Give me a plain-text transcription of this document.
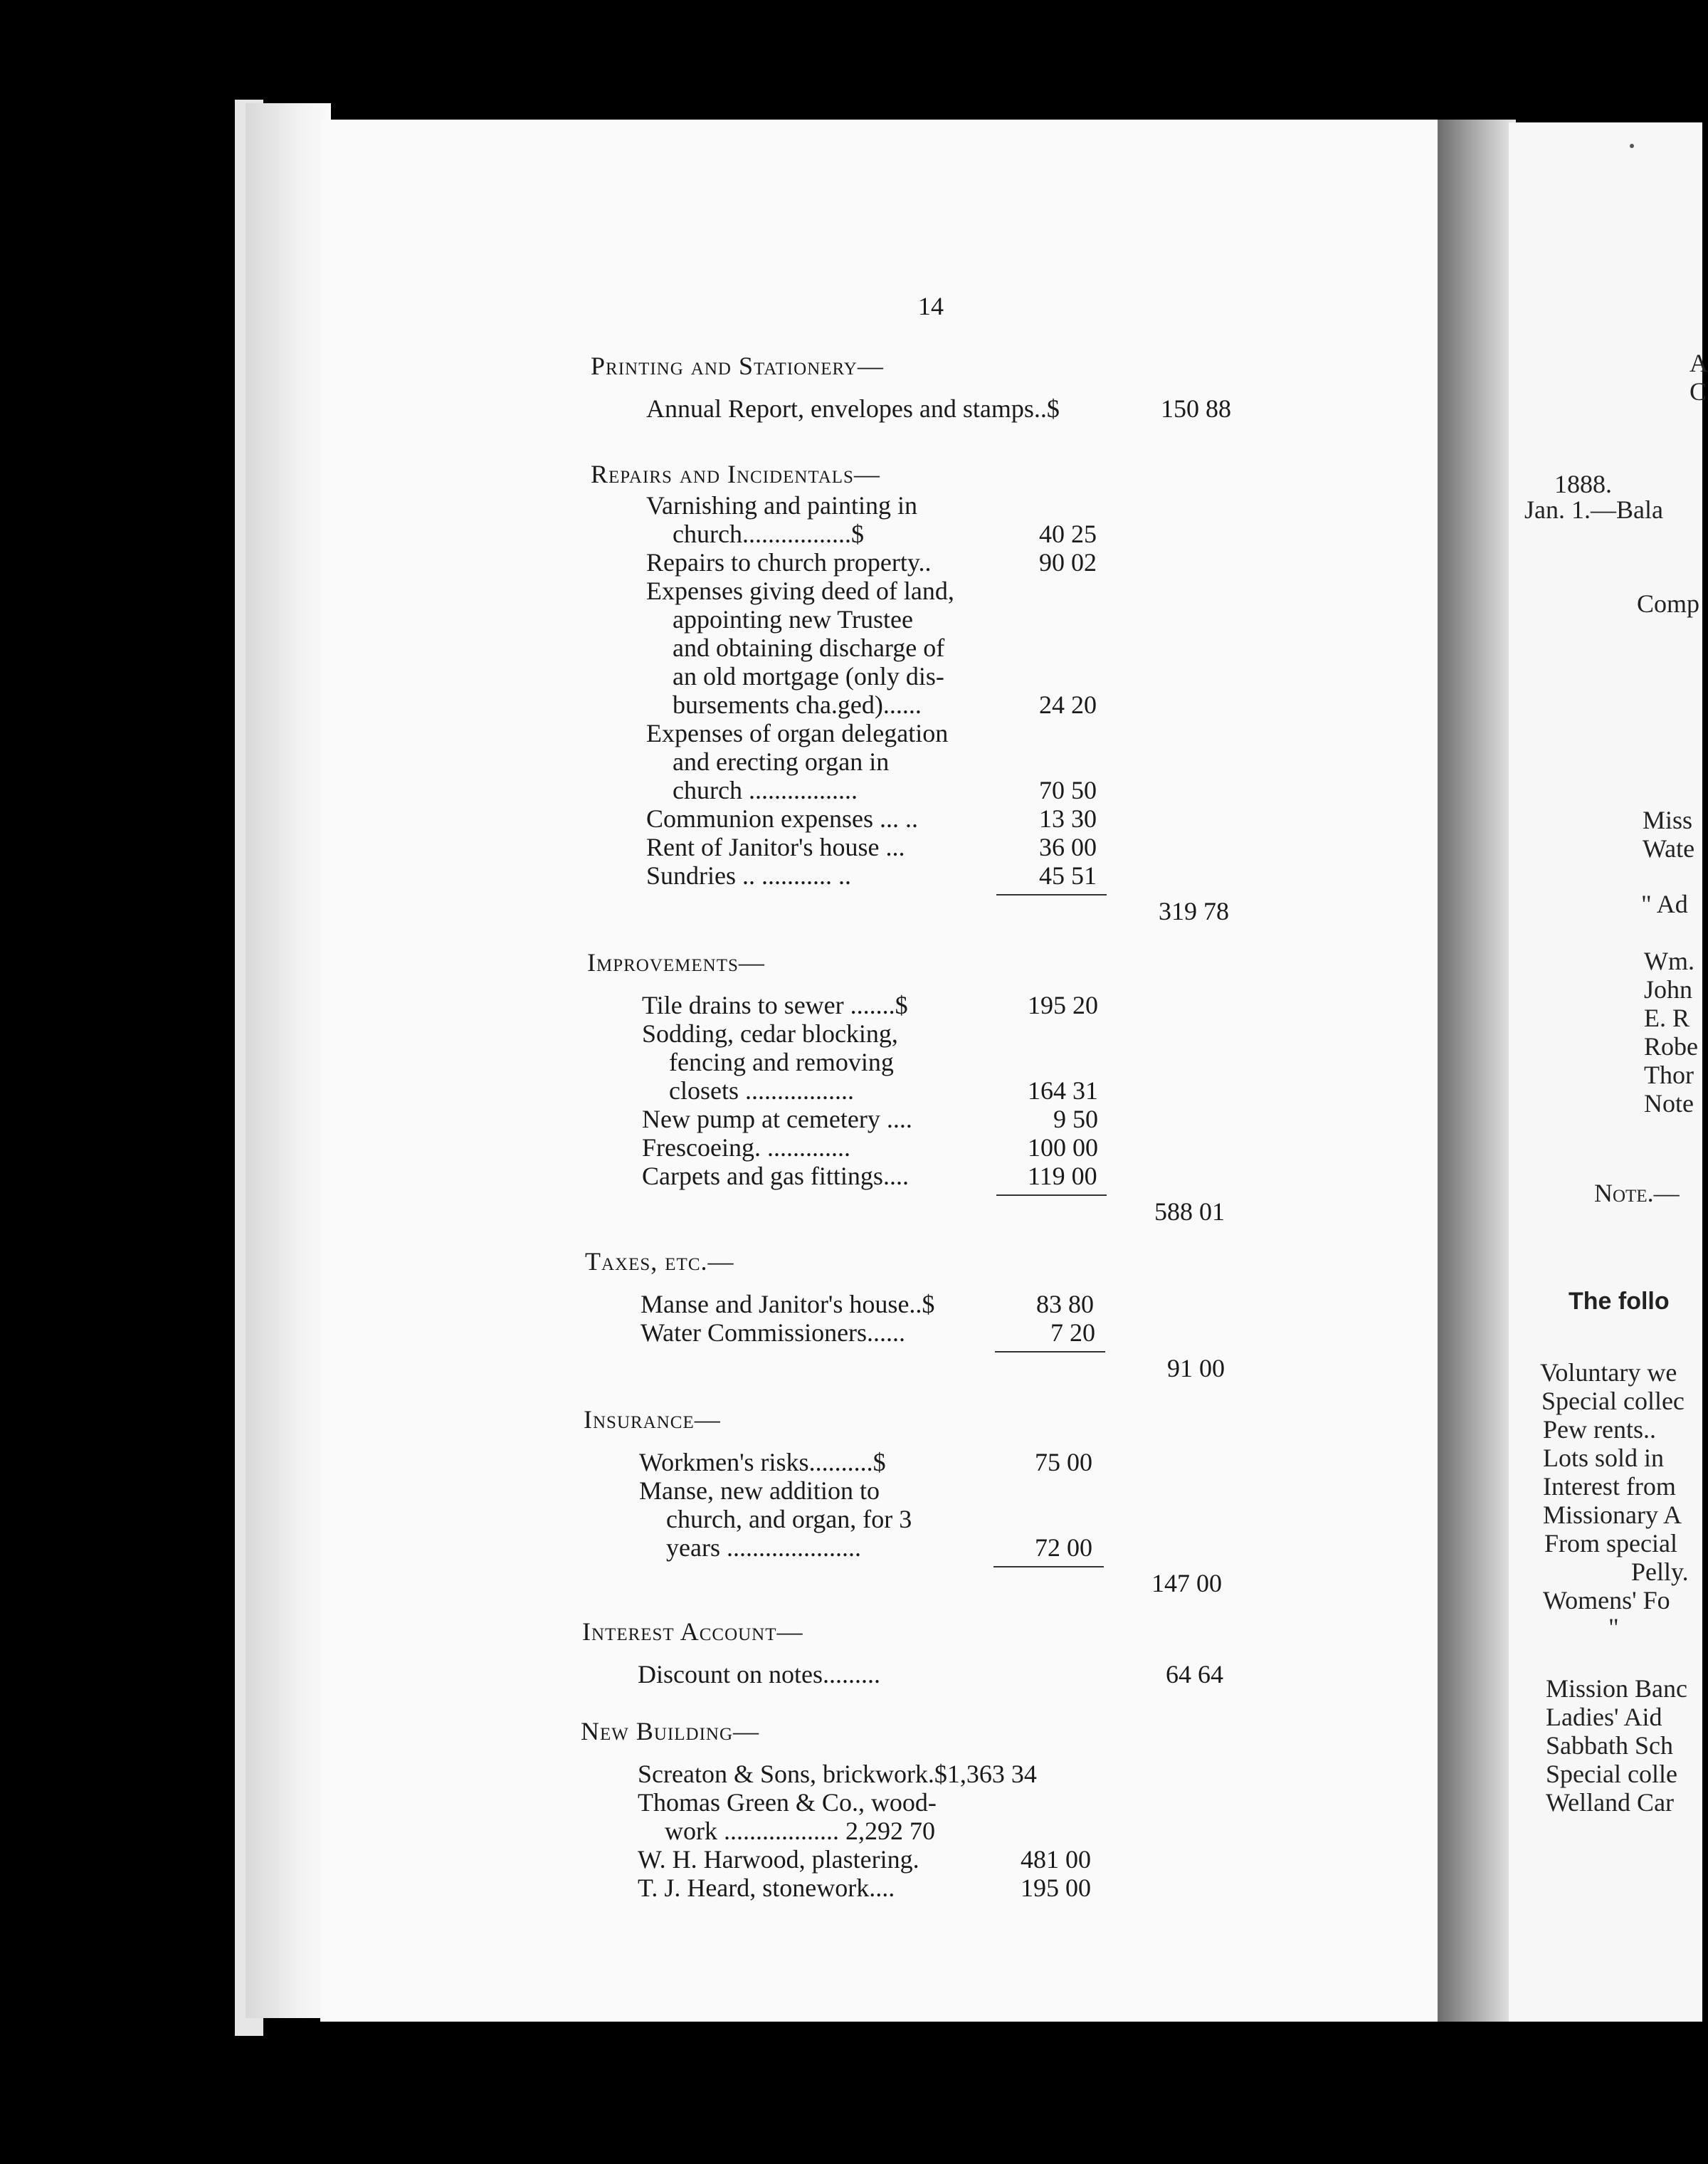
14
Printing and Stationery—
Annual Report, envelopes and stamps..$	150 88
Repairs and Incidentals—
Varnishing and painting in
church.................$
Repairs to church property..
Expenses giving deed of land,
appointing new Trustee
and obtaining discharge of
an old mortgage (only dis-
bursements cha.ged)......
Expenses of organ delegation
and erecting organ in
church .................
Communion expenses ... ..
Rent of Janitor's house ...
Sundries .. ........... ..
40 25
90 02
24 20
70 50
13 30
36 00
45 51
319 78
Improvements—
Tile drains to sewer .......$
Sodding, cedar blocking,
fencing and removing
closets .................
New pump at cemetery ....
Frescoeing. .............
Carpets and gas fittings....
195 20
164 31
9 50
100 00
119 00
588 01
Taxes, etc.—
Manse and Janitor's house..$
Water Commissioners......
83 80
7 20
91 00
Insurance—
Workmen's risks..........$
Manse, new addition to
church, and organ, for 3
years .....................
75 00
72 00
147 00
Interest Account—
Discount on notes.........	64 64
New Building—
Screaton & Sons, brickwork.$1,363 34
Thomas Green & Co., wood-
work .................. 2,292 70
W. H. Harwood, plastering.
T. J. Heard, stonework....
481 00
195 00
A
C
1888.
Jan. 1.—Bala
Comp
Miss
Wate
" Ad
Wm.
John
E. R
Robe
Thor
Note
Note.—
The follo
Voluntary we
Special collec
Pew rents..
Lots sold in
Interest from
Missionary A
From special
Pelly.
Womens' Fo
"
Mission Banc
Ladies' Aid
Sabbath Sch
Special colle
Welland Car
